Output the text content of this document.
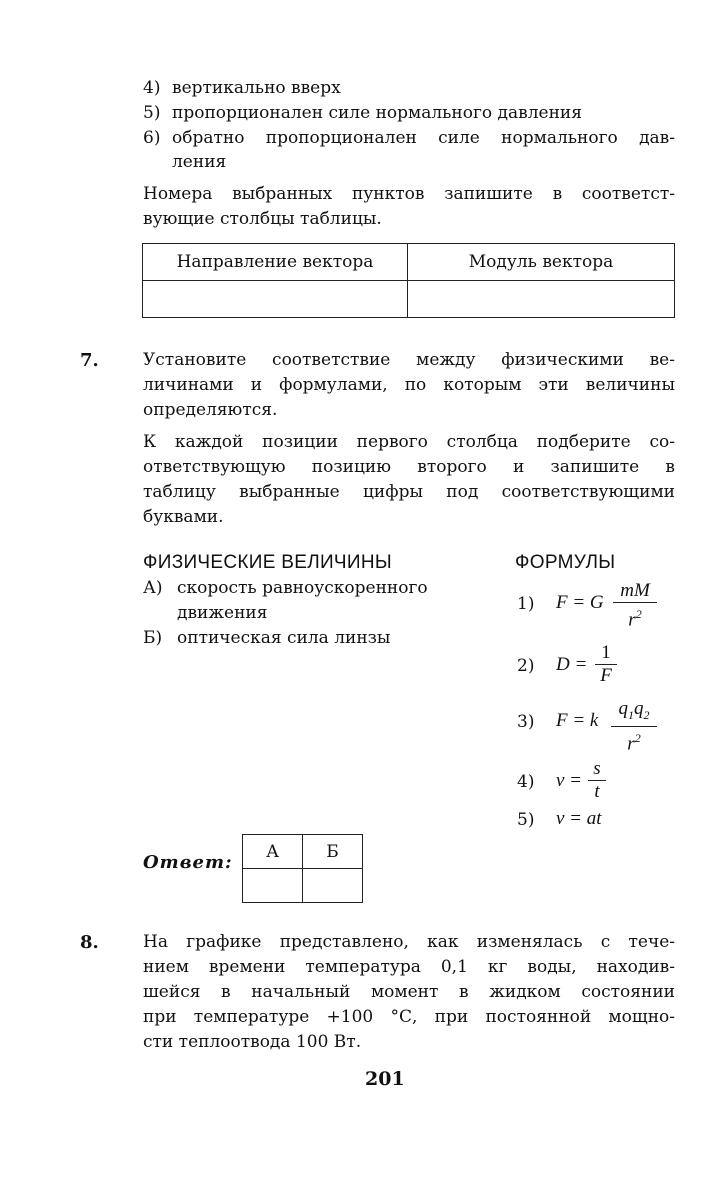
4) вертикально вверх
5) пропорционален силе нормального давления
6) обратно пропорционален силе нормального дав-
ления
Номера выбранных пунктов запишите в соответст-
вующие столбцы таблицы.
Направление вектора	Модуль вектора

7.	Установите соответствие между физическими ве-
личинами и формулами, по которым эти величины
определяются.
К каждой позиции первого столбца подберите со-
ответствующую позицию второго и запишите в
таблицу выбранные цифры под соответствующими
буквами.
ФИЗИЧЕСКИЕ ВЕЛИЧИНЫ	ФОРМУЛЫ
А) скорость равноускоренного
движения
Б) оптическая сила линзы
1) F = G $\frac{mM}{r^2}$
2) $D = \frac{1}{F}$
3) F = k $\frac{q_1q_2}{r^2}$
4) $v = \frac{s}{t}$
5) v = at
Ответ:
А	Б

8.	На графике представлено, как изменялась с тече-
нием времени температура 0,1 кг воды, находив-
шейся в начальный момент в жидком состоянии
при температуре +100 °С, при постоянной мощно-
сти теплоотвода 100 Вт.
201
